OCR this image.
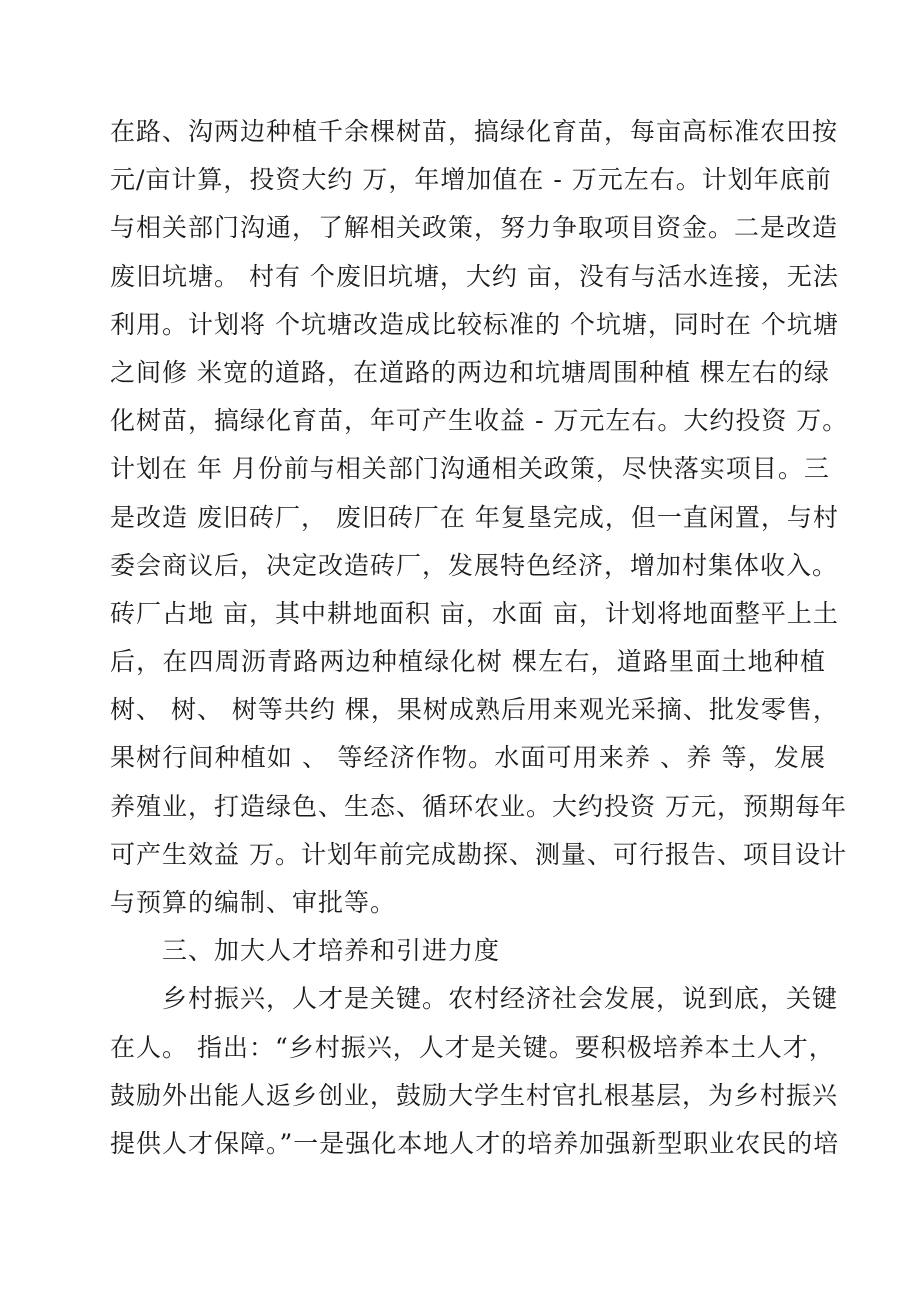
在路、沟两边种植千余棵树苗，搞绿化育苗，每亩高标准农田按
元/亩计算，投资大约 万，年增加值在 - 万元左右。计划年底前
与相关部门沟通，了解相关政策，努力争取项目资金。二是改造
废旧坑塘。 村有 个废旧坑塘，大约 亩，没有与活水连接，无法
利用。计划将 个坑塘改造成比较标准的 个坑塘，同时在 个坑塘
之间修 米宽的道路，在道路的两边和坑塘周围种植 棵左右的绿
化树苗，搞绿化育苗，年可产生收益 - 万元左右。大约投资 万。
计划在 年 月份前与相关部门沟通相关政策，尽快落实项目。三
是改造 废旧砖厂， 废旧砖厂在 年复垦完成，但一直闲置，与村
委会商议后，决定改造砖厂，发展特色经济，增加村集体收入。
砖厂占地 亩，其中耕地面积 亩，水面 亩，计划将地面整平上土
后，在四周沥青路两边种植绿化树 棵左右，道路里面土地种植
树、 树、 树等共约 棵，果树成熟后用来观光采摘、批发零售，
果树行间种植如 、 等经济作物。水面可用来养 、养 等，发展
养殖业，打造绿色、生态、循环农业。大约投资 万元，预期每年
可产生效益 万。计划年前完成勘探、测量、可行报告、项目设计
与预算的编制、审批等。
三、加大人才培养和引进力度
乡村振兴，人才是关键。农村经济社会发展，说到底，关键
在人。 指出：“乡村振兴，人才是关键。要积极培养本土人才，
鼓励外出能人返乡创业，鼓励大学生村官扎根基层，为乡村振兴
提供人才保障。”一是强化本地人才的培养加强新型职业农民的培
